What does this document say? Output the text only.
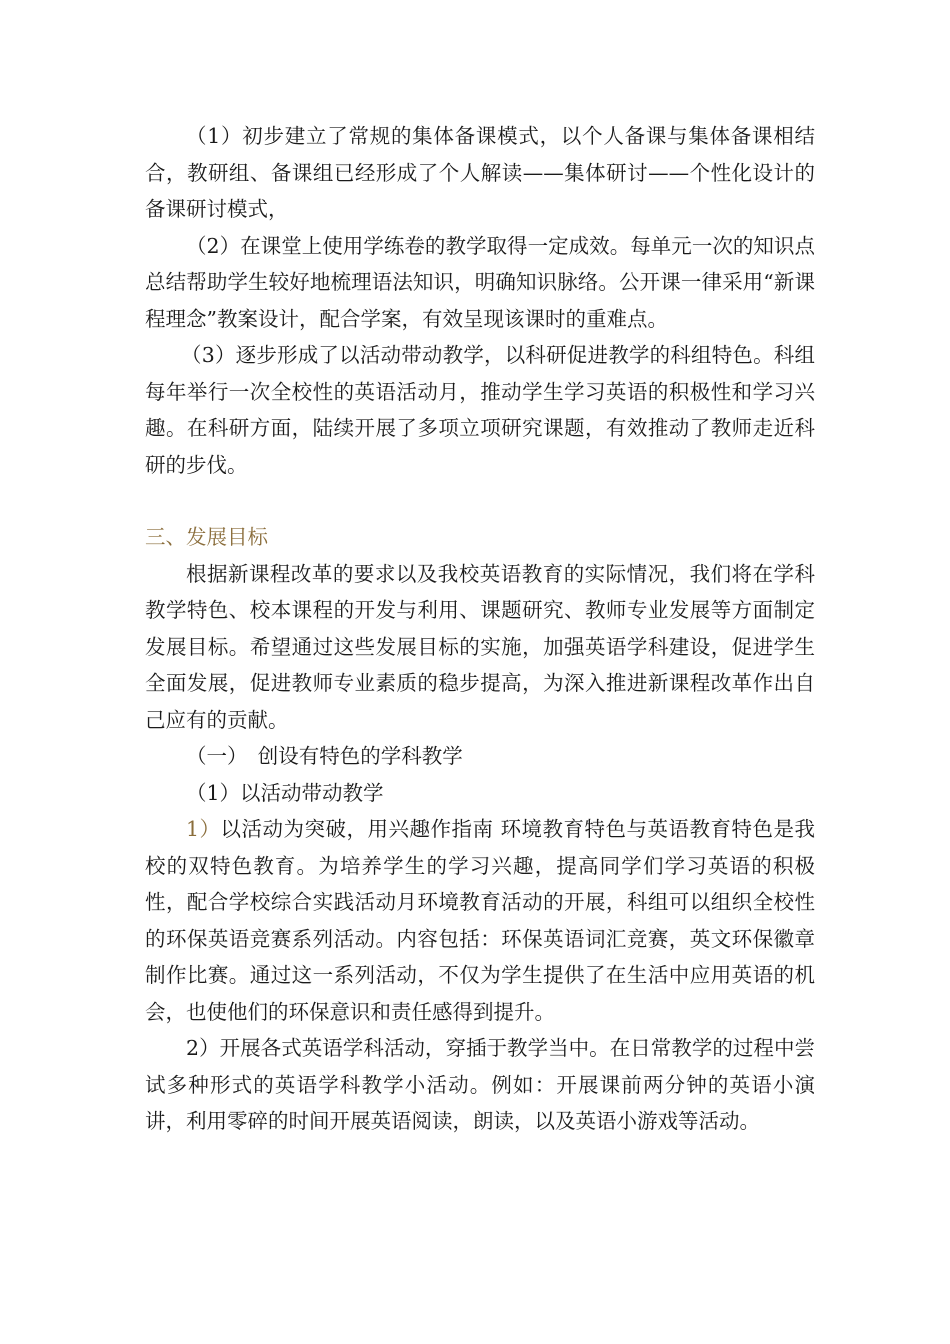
（1）初步建立了常规的集体备课模式，以个人备课与集体备课相结合，教研组、备课组已经形成了个人解读——集体研讨——个性化设计的备课研讨模式，

（2）在课堂上使用学练卷的教学取得一定成效。每单元一次的知识点总结帮助学生较好地梳理语法知识，明确知识脉络。公开课一律采用“新课程理念”教案设计，配合学案，有效呈现该课时的重难点。

（3）逐步形成了以活动带动教学，以科研促进教学的科组特色。科组每年举行一次全校性的英语活动月，推动学生学习英语的积极性和学习兴趣。在科研方面，陆续开展了多项立项研究课题，有效推动了教师走近科研的步伐。

三、发展目标

根据新课程改革的要求以及我校英语教育的实际情况，我们将在学科教学特色、校本课程的开发与利用、课题研究、教师专业发展等方面制定发展目标。希望通过这些发展目标的实施，加强英语学科建设，促进学生全面发展，促进教师专业素质的稳步提高，为深入推进新课程改革作出自己应有的贡献。

（一）　创设有特色的学科教学

（1）以活动带动教学

1）以活动为突破，用兴趣作指南 环境教育特色与英语教育特色是我校的双特色教育。为培养学生的学习兴趣，提高同学们学习英语的积极性，配合学校综合实践活动月环境教育活动的开展，科组可以组织全校性的环保英语竞赛系列活动。内容包括：环保英语词汇竞赛，英文环保徽章制作比赛。通过这一系列活动，不仅为学生提供了在生活中应用英语的机会，也使他们的环保意识和责任感得到提升。

2）开展各式英语学科活动，穿插于教学当中。在日常教学的过程中尝试多种形式的英语学科教学小活动。例如：开展课前两分钟的英语小演讲，利用零碎的时间开展英语阅读，朗读，以及英语小游戏等活动。
